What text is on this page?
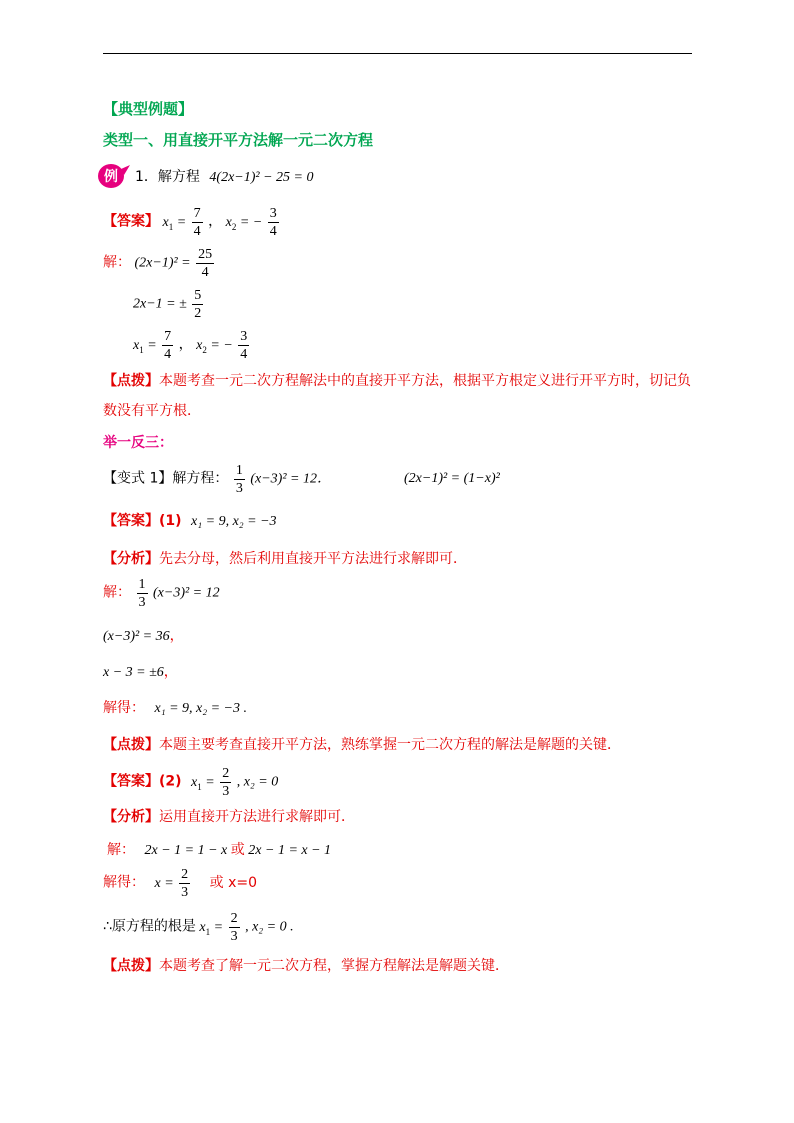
【典型例题】
类型一、用直接开平方法解一元二次方程
例 1．解方程 4(2x−1)² − 25 = 0
【答案】 $x_1 = \frac{7}{4}$ ， $x_2$ = − $\frac{3}{4}$
解： $(2x-1)^2 = \frac{25}{4}$
2x−1 = ± $\frac{5}{2}$
$x_1 = \frac{7}{4}$ ， $x_2$ = − $\frac{3}{4}$
【点拨】本题考查一元二次方程解法中的直接开平方法，根据平方根定义进行开平方时，切记负
数没有平方根．
举一反三：
【变式 1】解方程： $\frac{1}{3} (x-3)^2 = 12$．	(2x−1)² = (1−x)²
【答案】(1) x₁ = 9, x₂ = −3
【分析】先去分母，然后利用直接开平方法进行求解即可．
解： $\frac{1}{3} (x-3)^2 = 12$
(x−3)² = 36，
x − 3 = ±6，
解得： x₁ = 9, x₂ = −3 .
【点拨】本题主要考查直接开平方法，熟练掌握一元二次方程的解法是解题的关键．
【答案】(2) $x_1 = \frac{2}{3}$ , x₂ = 0
【分析】运用直接开方法进行求解即可．
解： 2x − 1 = 1 − x 或 2x − 1 = x − 1
解得： $x = \frac{2}{3}$ 或 x=0
∴原方程的根是 $x_1 = \frac{2}{3}$ , x₂ = 0 .
【点拨】本题考查了解一元二次方程，掌握方程解法是解题关键．
